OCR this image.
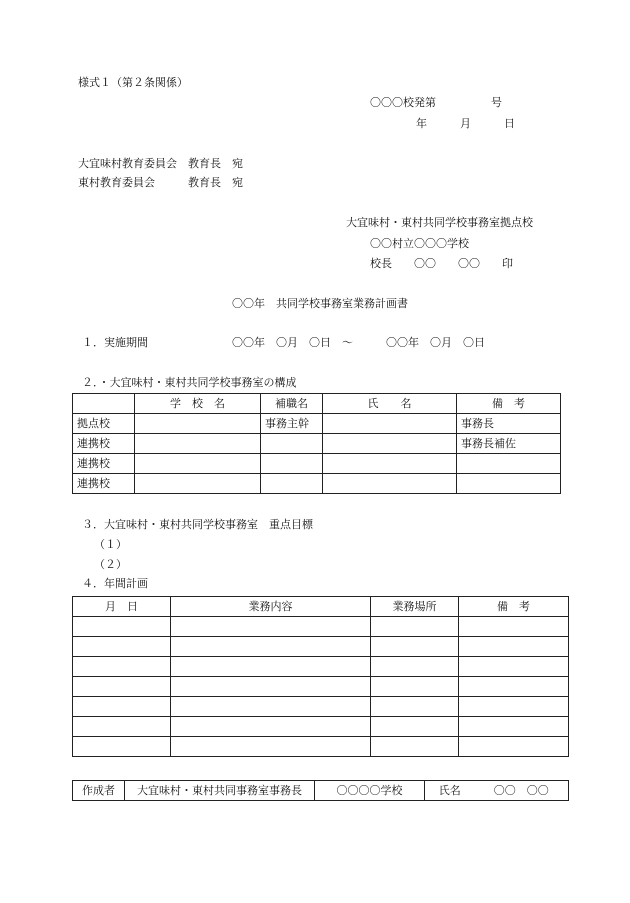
様式１（第２条関係）
〇〇〇校発第　　　　　号
年　　　月　　　日
大宜味村教育委員会　教育長　宛
東村教育委員会　　　教育長　宛
大宜味村・東村共同学校事務室拠点校
〇〇村立〇〇〇学校
校長　　〇〇　　〇〇　　印
〇〇年　共同学校事務室業務計画書
１．実施期間	〇〇年　〇月　〇日　～　　　〇〇年　〇月　〇日
２．・大宜味村・東村共同学校事務室の構成
	学　校　名	補職名	氏　　名	備　考
拠点校		事務主幹		事務長
連携校				事務長補佐
連携校				
連携校				
３．大宜味村・東村共同学校事務室　重点目標
（１）
（２）
４．年間計画
月　日	業務内容	業務場所	備　考

作成者	大宜味村・東村共同事務室事務長	〇〇〇〇学校	氏名	〇〇　〇〇
